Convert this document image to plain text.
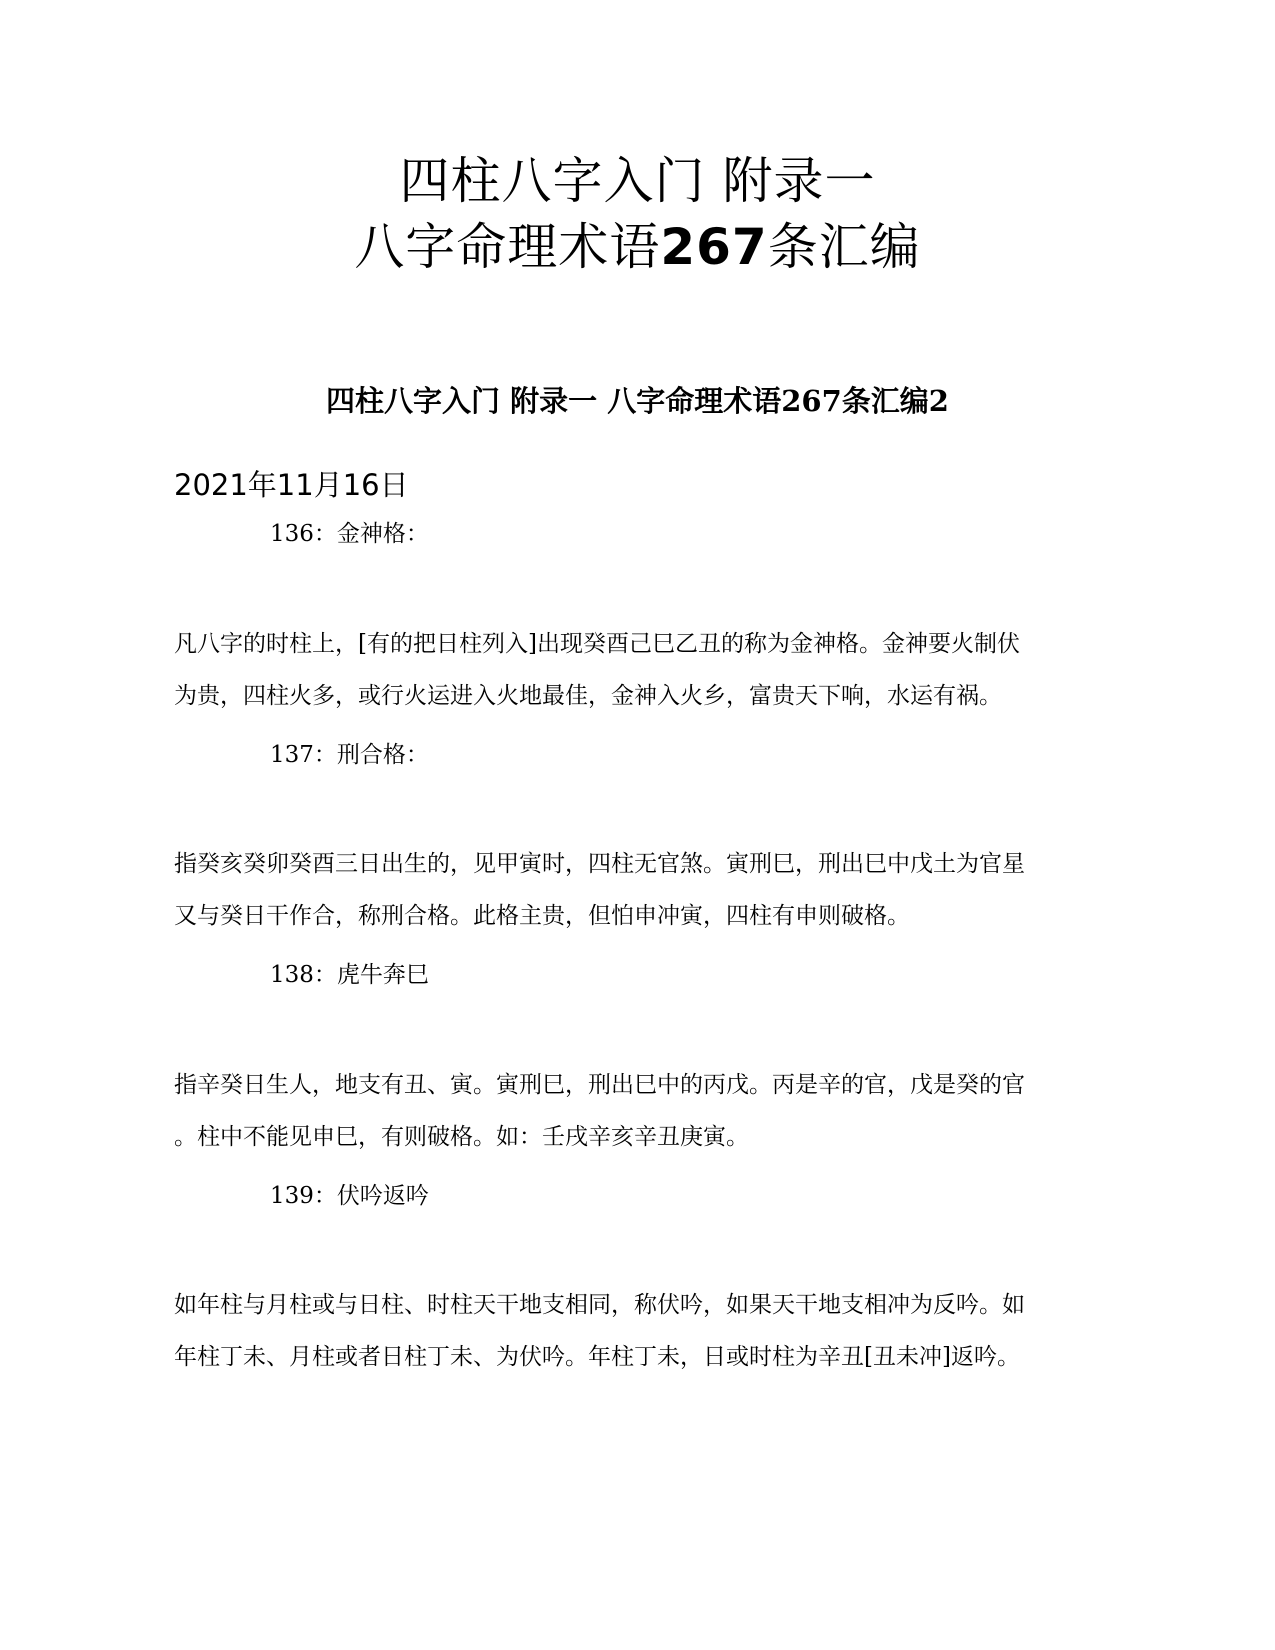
四柱八字入门 附录一
八字命理术语267条汇编
四柱八字入门 附录一 八字命理术语267条汇编2
2021年11月16日
136：金神格：
凡八字的时柱上，[有的把日柱列入]出现癸酉己巳乙丑的称为金神格。金神要火制伏
为贵，四柱火多，或行火运进入火地最佳，金神入火乡，富贵天下响，水运有祸。
137：刑合格：
指癸亥癸卯癸酉三日出生的，见甲寅时，四柱无官煞。寅刑巳，刑出巳中戊土为官星
又与癸日干作合，称刑合格。此格主贵，但怕申冲寅，四柱有申则破格。
138：虎牛奔巳
指辛癸日生人，地支有丑、寅。寅刑巳，刑出巳中的丙戊。丙是辛的官，戊是癸的官
。柱中不能见申巳，有则破格。如：壬戌辛亥辛丑庚寅。
139：伏吟返吟
如年柱与月柱或与日柱、时柱天干地支相同，称伏吟，如果天干地支相冲为反吟。如
年柱丁未、月柱或者日柱丁未、为伏吟。年柱丁未，日或时柱为辛丑[丑未冲]返吟。
